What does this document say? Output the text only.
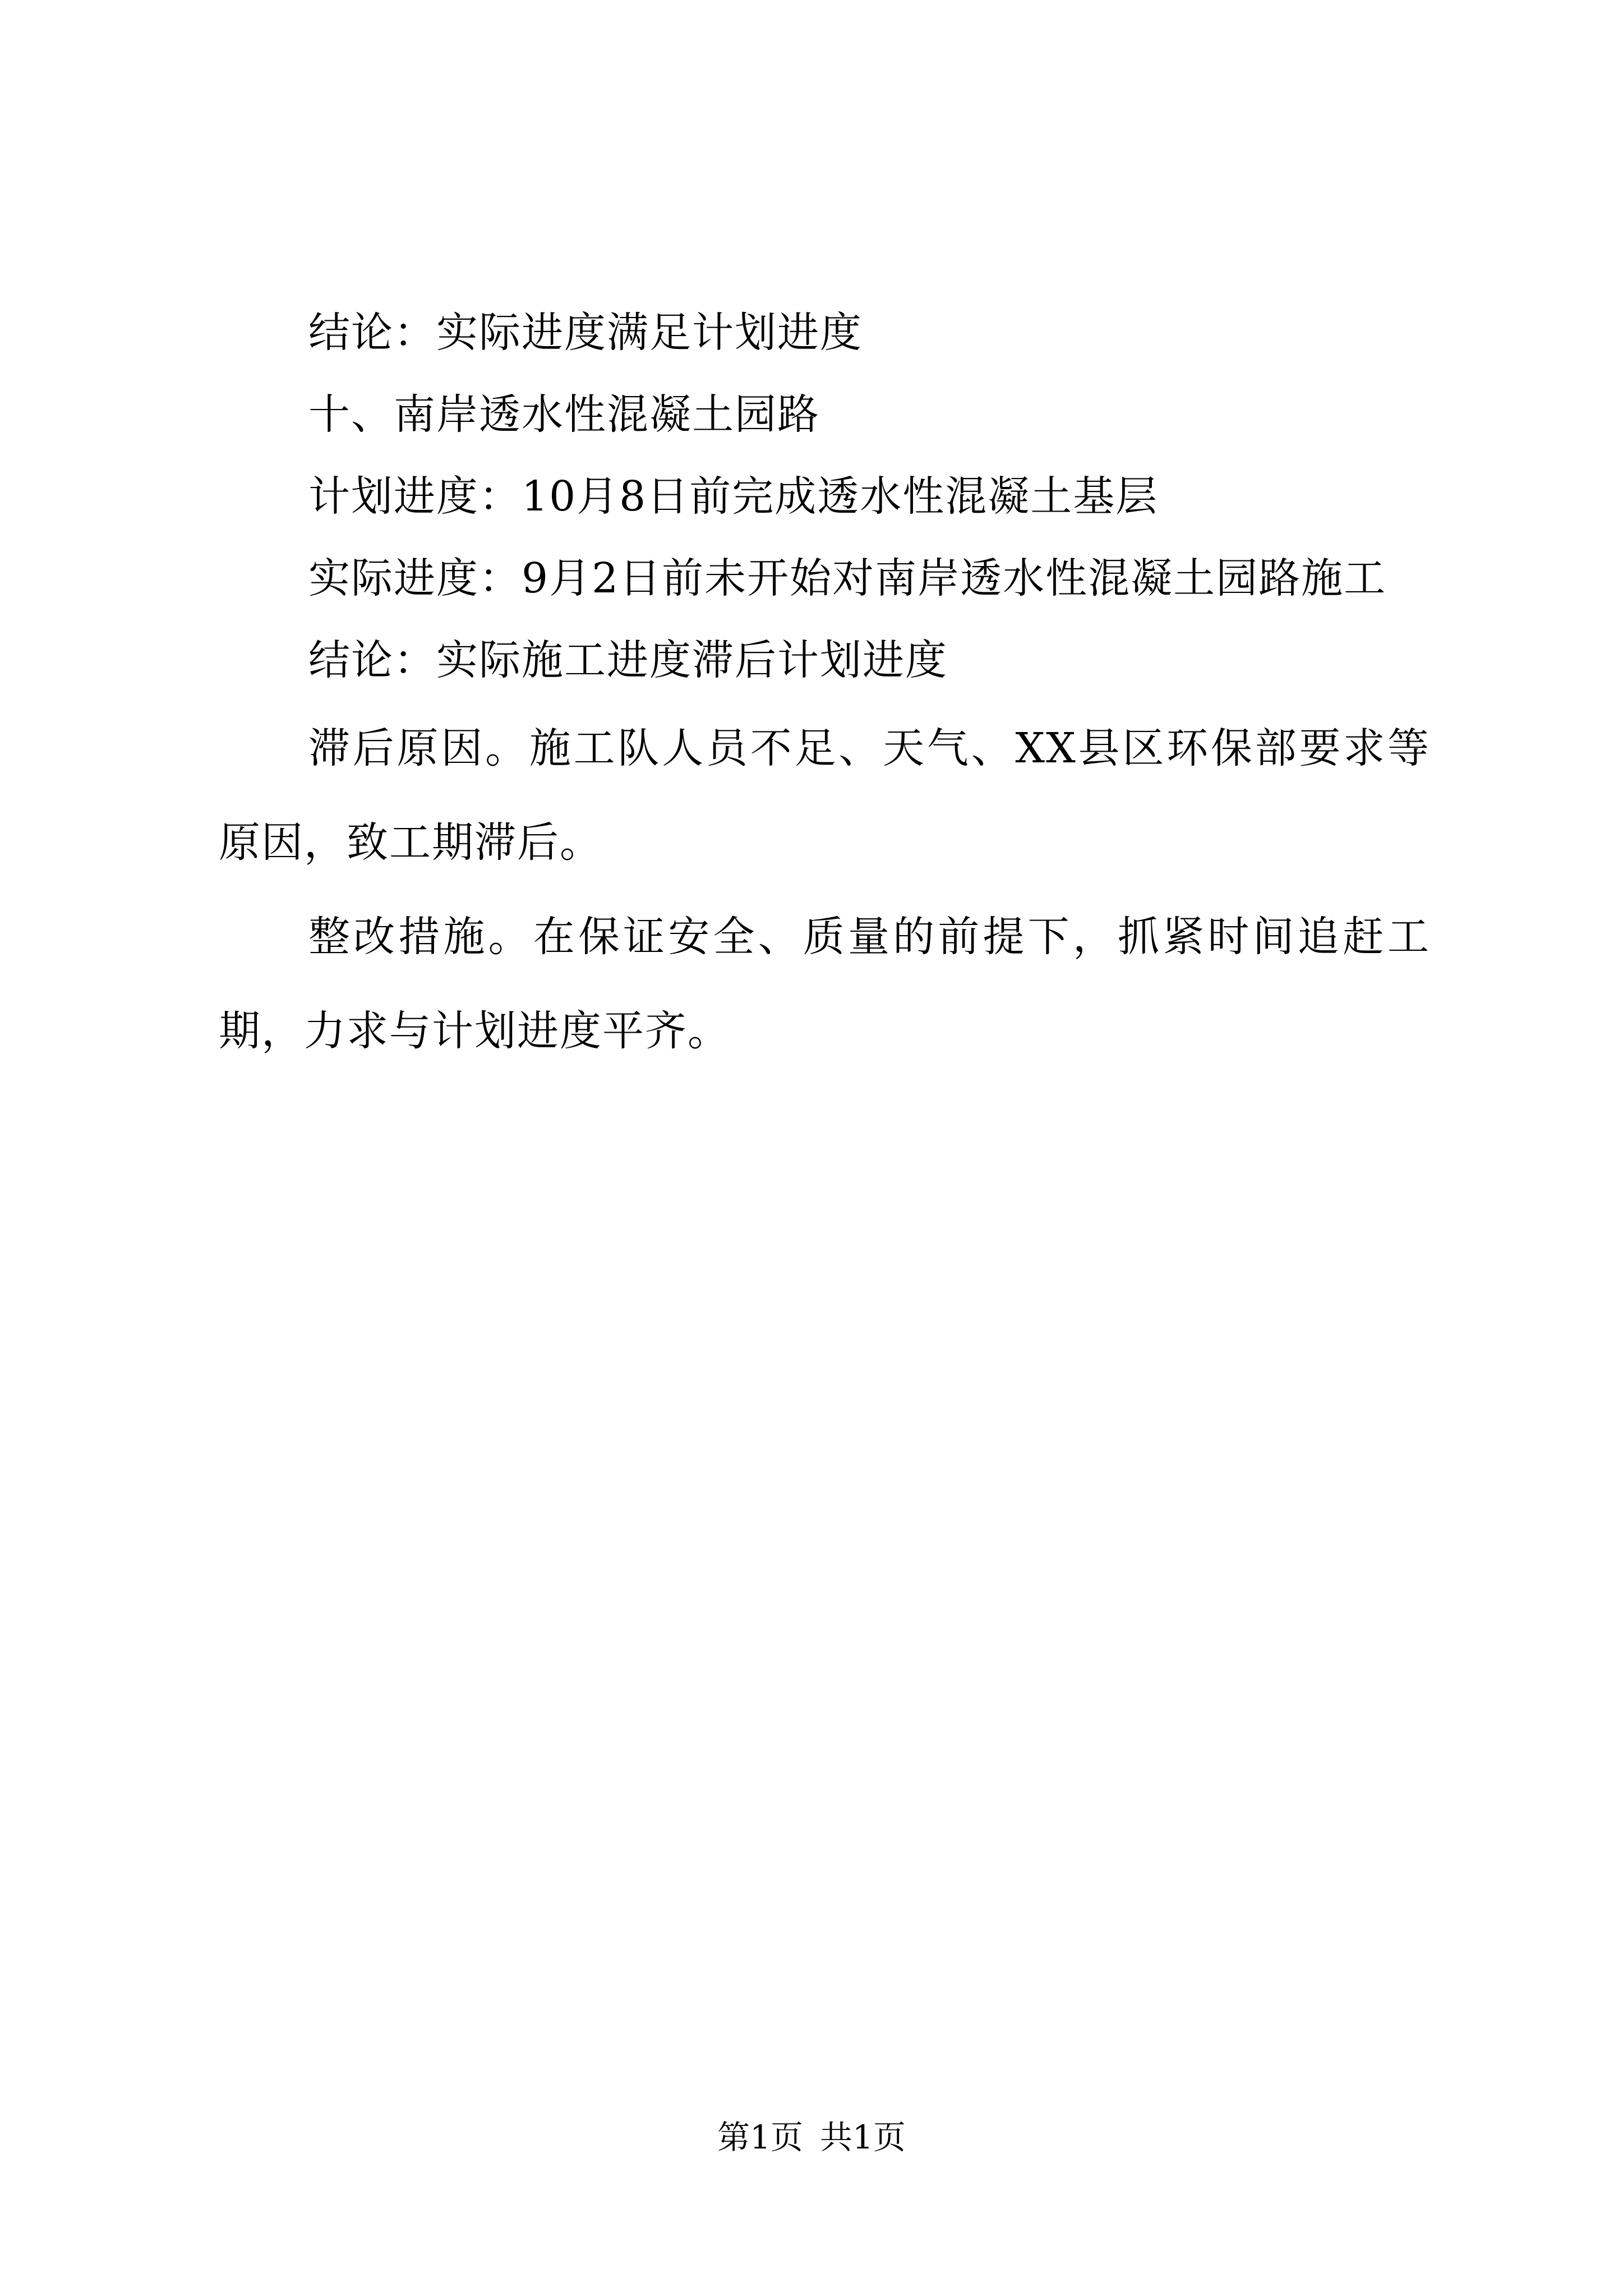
结论：实际进度满足计划进度

十、南岸透水性混凝土园路

计划进度：10月8日前完成透水性混凝土基层

实际进度：9月2日前未开始对南岸透水性混凝土园路施工

结论：实际施工进度滞后计划进度

滞后原因。施工队人员不足、天气、XX县区环保部要求等原因，致工期滞后。

整改措施。在保证安全、质量的前提下，抓紧时间追赶工期，力求与计划进度平齐。

第1页 共1页
